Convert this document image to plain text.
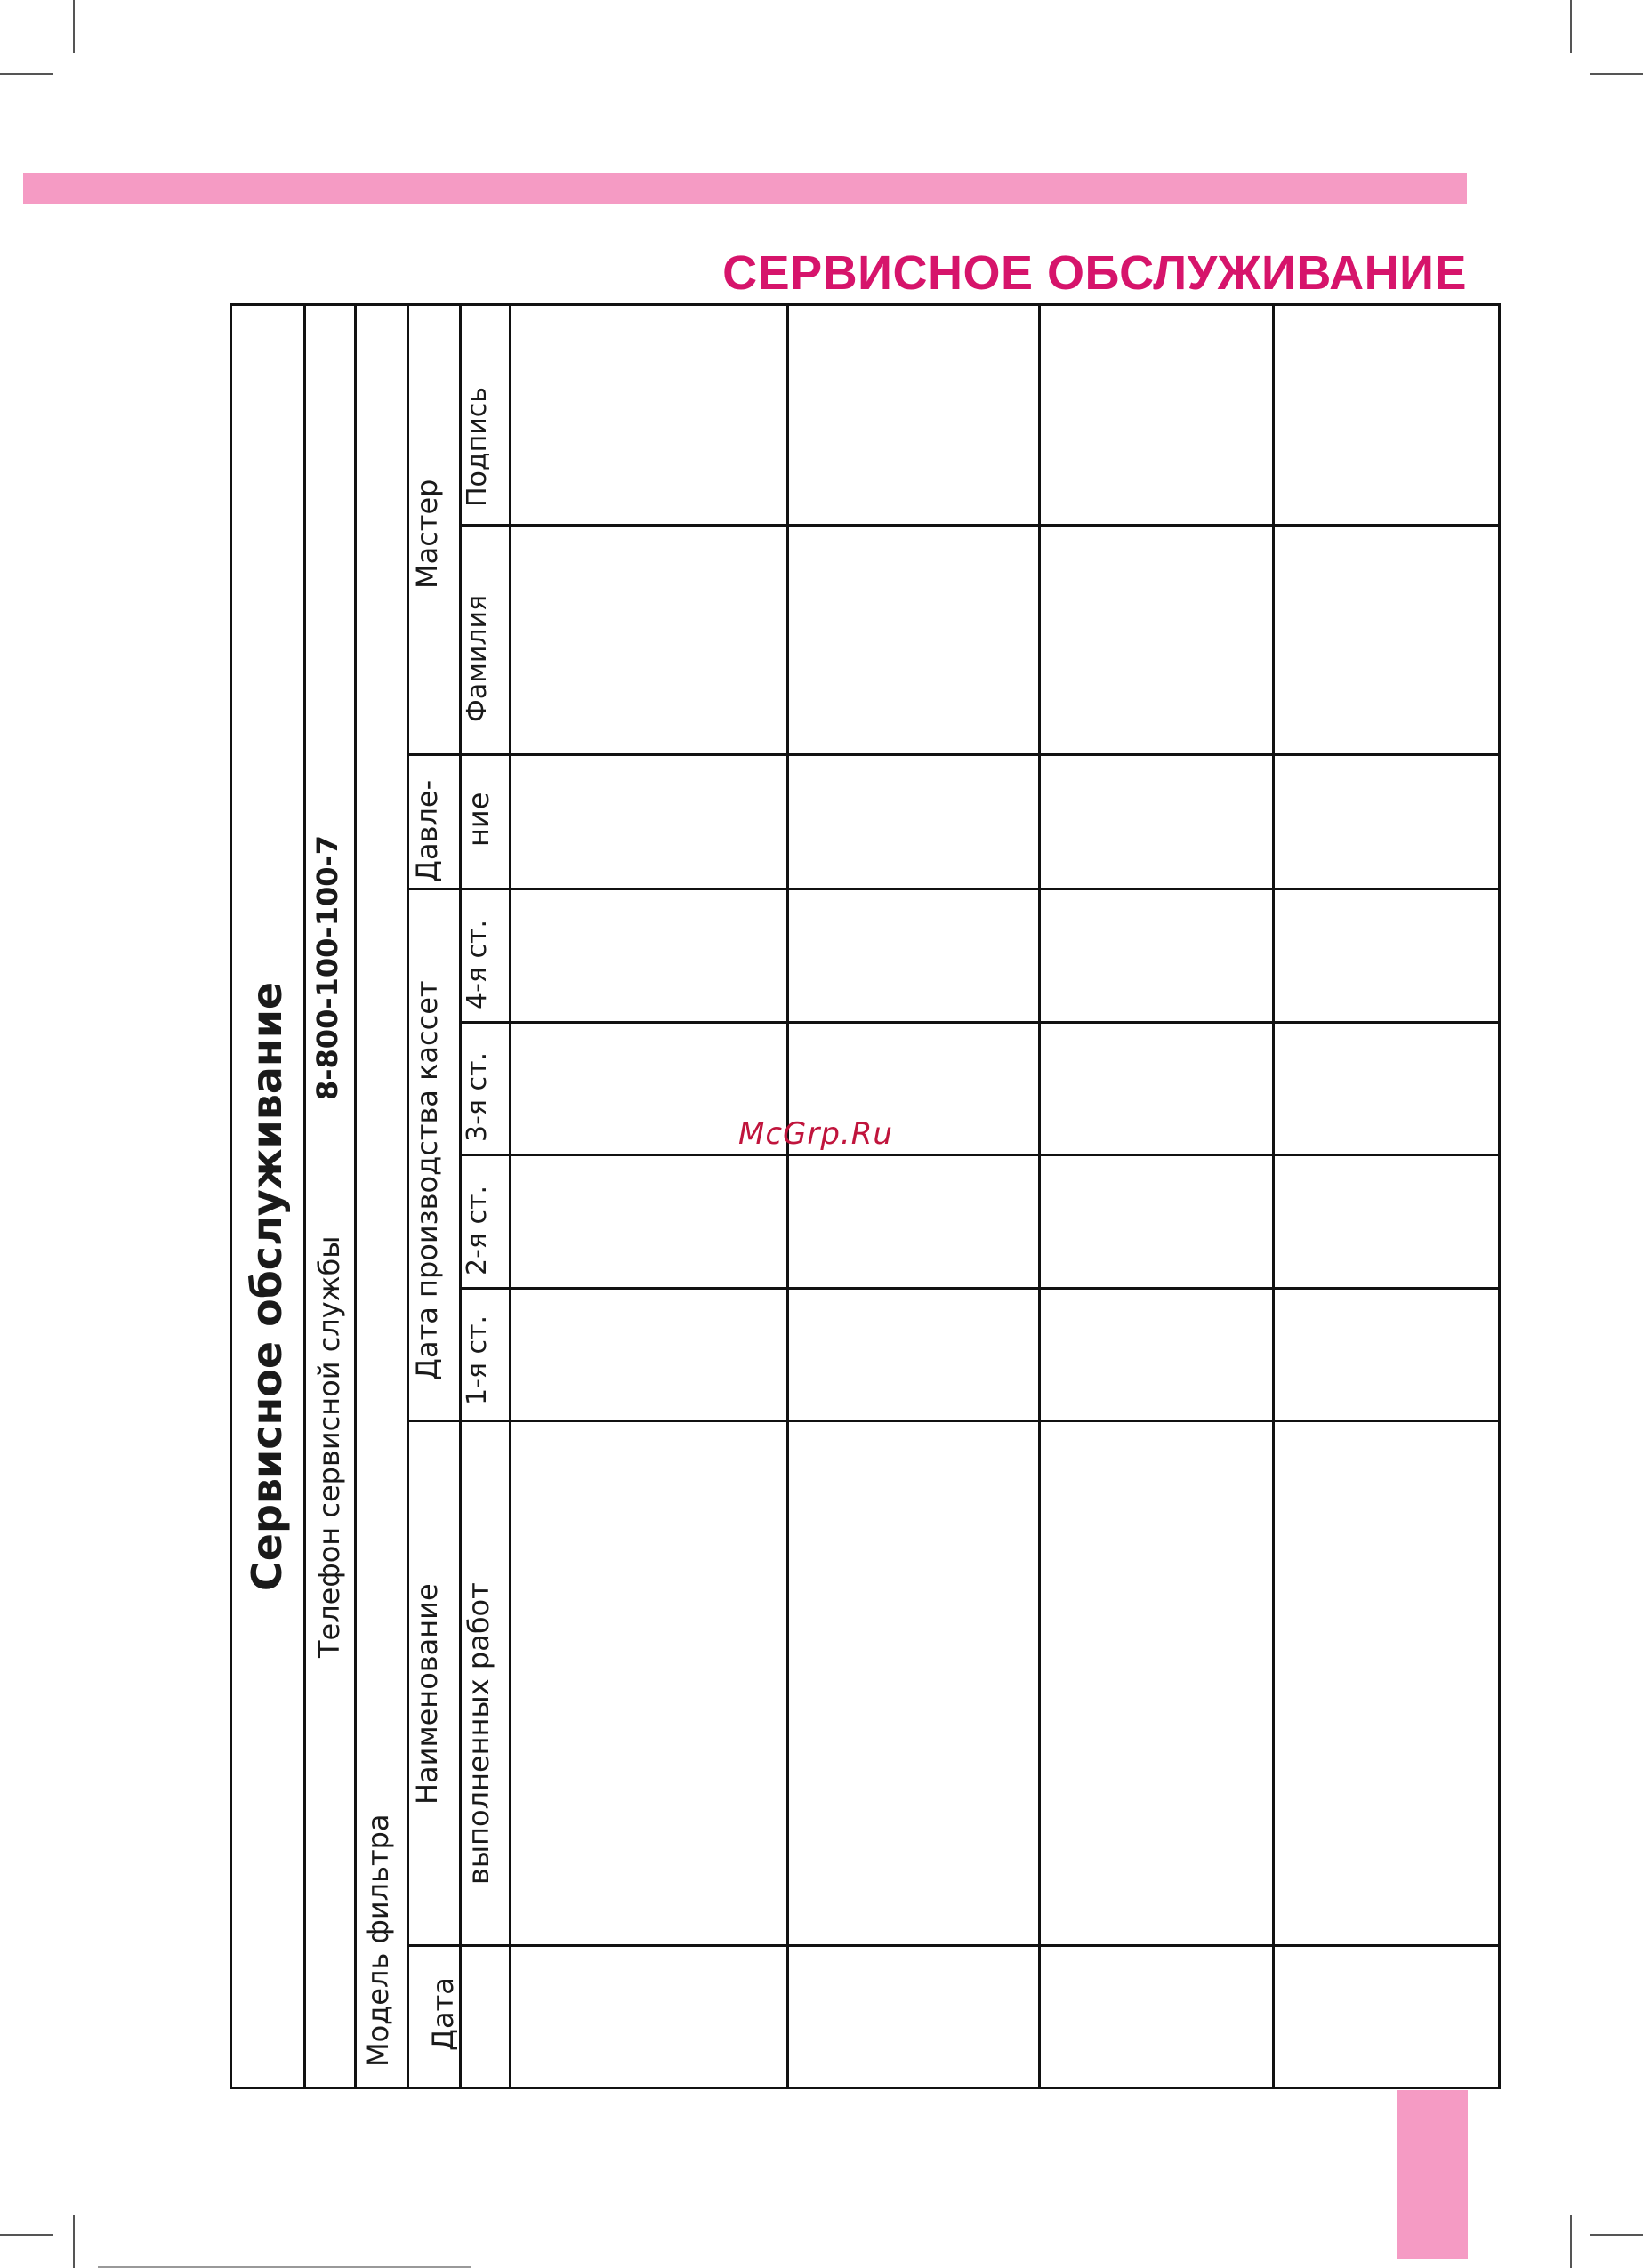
СЕРВИСНОЕ ОБСЛУЖИВАНИЕ
Сервисное обслуживание Телефон сервисной службы
8-800-100-100-7
Модель фильтра Дата
Наименование выполненных работ
Дата производства кассет 1-я ст.
2-я ст.
3-я ст.
4-я ст.
Давле- ние
Мастер
Фамилия
Подпись
McGrp.Ru
